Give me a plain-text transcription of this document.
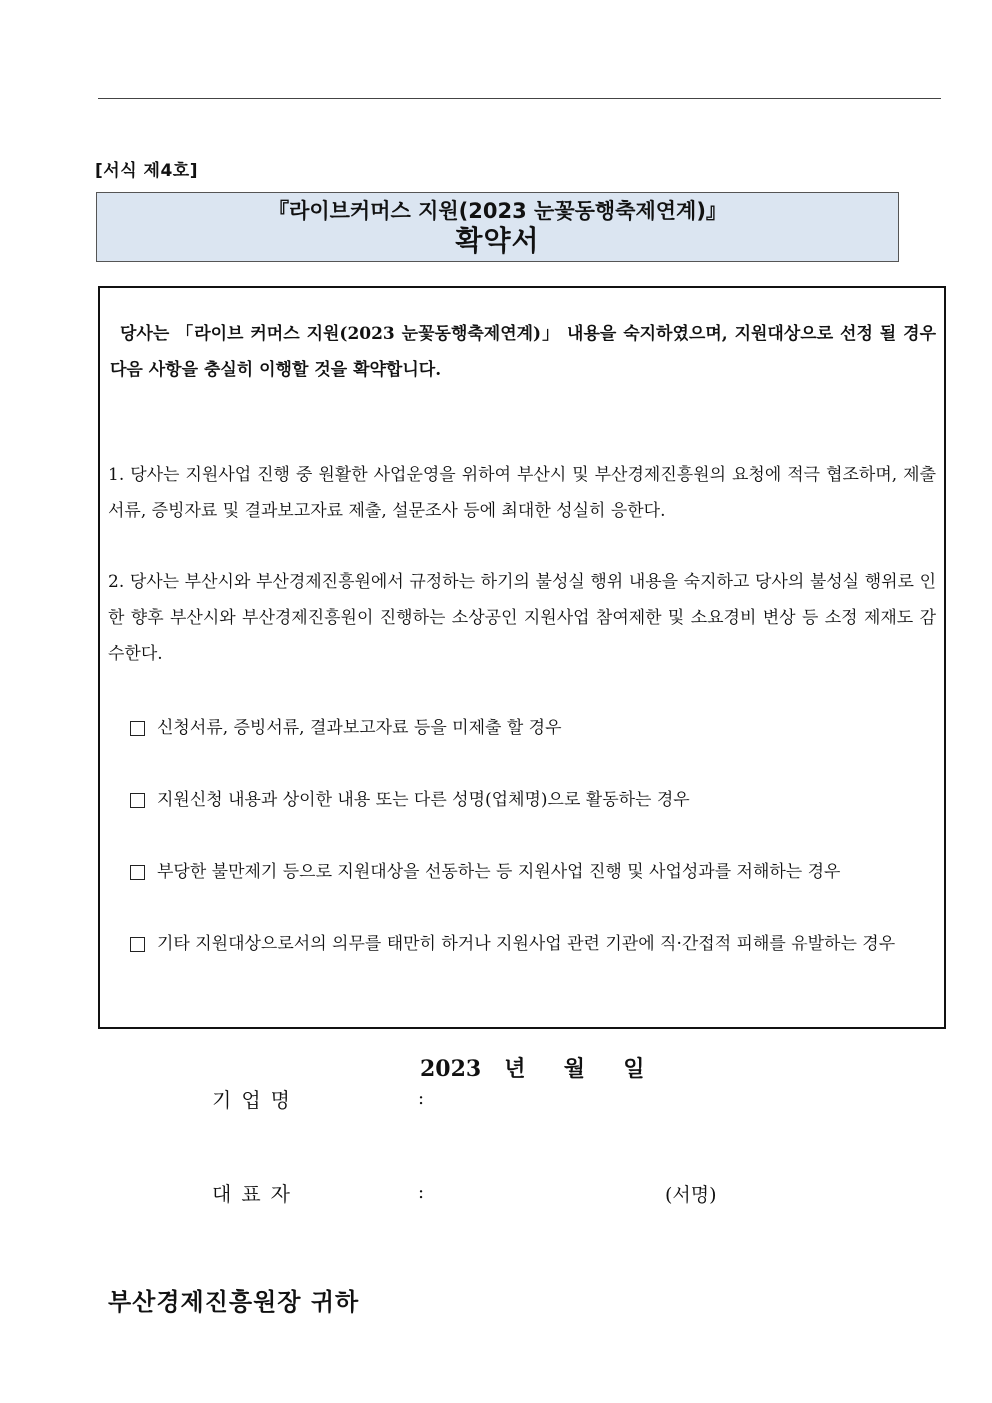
[서식 제4호]
『라이브커머스 지원(2023 눈꽃동행축제연계)』
확약서
당사는 「라이브 커머스 지원(2023 눈꽃동행축제연계)」 내용을 숙지하였으며, 지원대상으로 선정 될 경우 다음 사항을 충실히 이행할 것을 확약합니다.
1. 당사는 지원사업 진행 중 원활한 사업운영을 위하여 부산시 및 부산경제진흥원의 요청에 적극 협조하며, 제출서류, 증빙자료 및 결과보고자료 제출, 설문조사 등에 최대한 성실히 응한다.
2. 당사는 부산시와 부산경제진흥원에서 규정하는 하기의 불성실 행위 내용을 숙지하고 당사의 불성실 행위로 인한 향후 부산시와 부산경제진흥원이 진행하는 소상공인 지원사업 참여제한 및 소요경비 변상 등 소정 제재도 감수한다.
신청서류, 증빙서류, 결과보고자료 등을 미제출 할 경우
지원신청 내용과 상이한 내용 또는 다른 성명(업체명)으로 활동하는 경우
부당한 불만제기 등으로 지원대상을 선동하는 등 지원사업 진행 및 사업성과를 저해하는 경우
기타 지원대상으로서의 의무를 태만히 하거나 지원사업 관련 기관에 직·간접적 피해를 유발하는 경우
2023   년     월     일
기업명	:
대표자	:	(서명)
부산경제진흥원장 귀하
